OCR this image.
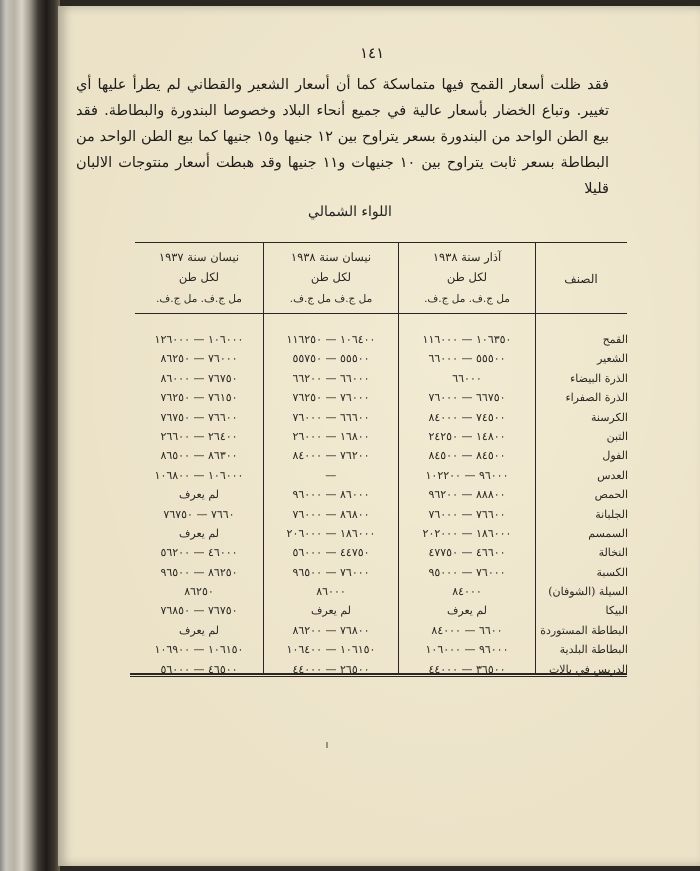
١٤١
فقد ظلت أسعار القمح فيها متماسكة كما أن أسعار الشعير والقطاني لم يطرأ عليها أي تغيير. وتباع الخضار بأسعار عالية في جميع أنحاء البلاد وخصوصا البندورة والبطاطة. فقد بيع الطن الواحد من البندورة بسعر يتراوح بين ١٢ جنيها و١٥ جنيها كما بيع الطن الواحد من البطاطة بسعر ثابت يتراوح بين ١٠ جنيهات و١١ جنيها وقد هبطت أسعار منتوجات الالبان قليلا
اللواء الشمالي
الصنف
آذار سنة ١٩٣٨
لكل طن
مل ج.ف. مل ج.ف.
نيسان سنة ١٩٣٨
لكل طن
مل ج.ف مل ج.ف.
نيسان سنة ١٩٣٧
لكل طن
مل ج.ف. مل ج.ف.
القمح
الشعير
الذرة البيضاء
الذرة الصفراء
الكرسنة
التبن
الفول
العدس
الحمص
الجلبانة
السمسم
النخالة
الكسبة
السيلة (الشوفان)
البيكا
البطاطة المستوردة
البطاطة البلدية
الدريس في بالات
١٠٦٣٥٠ — ١١٦٠٠٠
٥٥٥٠٠ — ٦٦٠٠٠
٦٦٠٠٠
٦٦٧٥٠ — ٧٦٠٠٠
٧٤٥٠٠ — ٨٤٠٠٠
١٤٨٠٠ — ٢٤٢٥٠
٨٤٥٠٠ — ٨٤٥٠٠
٩٦٠٠٠ — ١٠٢٢٠٠
٨٨٨٠٠ — ٩٦٢٠٠
٧٦٦٠٠ — ٧٦٠٠٠
١٨٦٠٠٠ — ٢٠٢٠٠٠
٤٦٦٠٠ — ٤٧٧٥٠
٧٦٠٠٠ — ٩٥٠٠٠
٨٤٠٠٠
لم يعرف
٦٦٠٠ — ٨٤٠٠٠
٩٦٠٠٠ — ١٠٦٠٠٠
٣٦٥٠٠ — ٤٤٠٠٠
١٠٦٤٠٠ — ١١٦٢٥٠
٥٥٥٠٠ — ٥٥٧٥٠
٦٦٠٠٠ — ٦٦٢٠٠
٧٦٠٠٠ — ٧٦٢٥٠
٦٦٦٠٠ — ٧٦٠٠٠
١٦٨٠٠ — ٢٦٠٠٠
٧٦٢٠٠ — ٨٤٠٠٠
—
٨٦٠٠٠ — ٩٦٠٠٠
٨٦٨٠٠ — ٧٦٠٠٠
١٨٦٠٠٠ — ٢٠٦٠٠٠
٤٤٧٥٠ — ٥٦٠٠٠
٧٦٠٠٠ — ٩٦٥٠٠
٨٦٠٠٠
لم يعرف
٧٦٨٠٠ — ٨٦٢٠٠
١٠٦١٥٠ — ١٠٦٤٠٠
٢٦٥٠٠ — ٤٤٠٠٠
١٠٦٠٠٠ — ١٢٦٠٠٠
٧٦٠٠٠ — ٨٦٢٥٠
٧٦٧٥٠ — ٨٦٠٠٠
٧٦١٥٠ — ٧٦٢٥٠
٧٦٦٠٠ — ٧٦٧٥٠
٢٦٤٠٠ — ٢٦٦٠٠
٨٦٣٠٠ — ٨٦٥٠٠
١٠٦٠٠٠ — ١٠٦٨٠٠
لم يعرف
٧٦٦٠ — ٧٦٧٥٠
لم يعرف
٤٦٠٠٠ — ٥٦٢٠٠
٨٦٢٥٠ — ٩٦٥٠٠
٨٦٢٥٠
٧٦٧٥٠ — ٧٦٨٥٠
لم يعرف
١٠٦١٥٠ — ١٠٦٩٠٠
٤٦٥٠٠ — ٥٦٠٠٠
